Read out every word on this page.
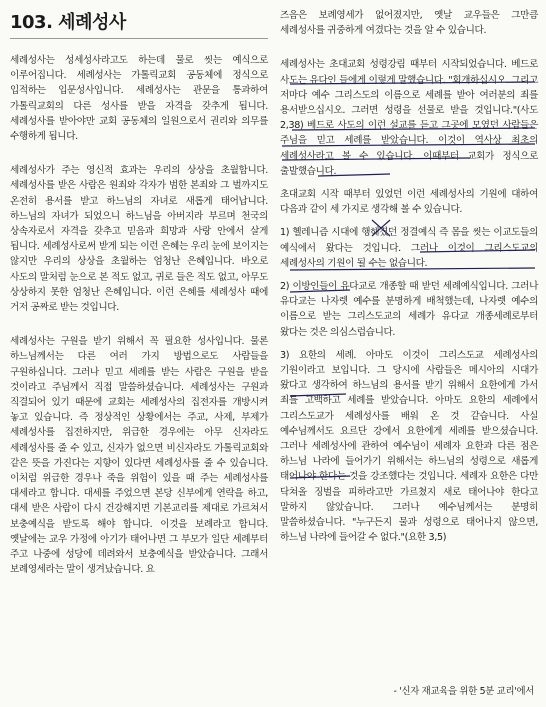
103. 세례성사

세례성사는 성세성사라고도 하는데 물로 씻는 예식으로 이루어집니다. 세례성사는 가톨릭교회 공동체에 정식으로 입적하는 입문성사입니다. 세례성사는 관문을 통과하여 가톨릭교회의 다른 성사를 받을 자격을 갖추게 됩니다. 세례성사를 받아야만 교회 공동체의 일원으로서 권리와 의무를 수행하게 됩니다.

세례성사가 주는 영신적 효과는 우리의 상상을 초월합니다. 세례성사를 받은 사람은 원죄와 각자가 범한 본죄와 그 벌까지도 온전히 용서를 받고 하느님의 자녀로 새롭게 태어납니다. 하느님의 자녀가 되었으니 하느님을 아버지라 부르며 천국의 상속자로서 자격을 갖추고 믿음과 희망과 사랑 안에서 살게 됩니다. 세례성사로써 받게 되는 이런 은혜는 우리 눈에 보이지는 않지만 우리의 상상을 초월하는 엄청난 은혜입니다. 바오로 사도의 말처럼 눈으로 본 적도 없고, 귀로 들은 적도 없고, 아무도 상상하지 못한 엄청난 은혜입니다. 이런 은혜를 세례성사 때에 거저 공짜로 받는 것입니다.

세례성사는 구원을 받기 위해서 꼭 필요한 성사입니다. 물론 하느님께서는 다른 여러 가지 방법으로도 사람들을 구원하십니다. 그러나 믿고 세례를 받는 사람은 구원을 받을 것이라고 주님께서 직접 말씀하셨습니다. 세례성사는 구원과 직결되어 있기 때문에 교회는 세례성사의 집전자를 개방시켜 놓고 있습니다. 즉 정상적인 상황에서는 주교, 사제, 부제가 세례성사를 집전하지만, 위급한 경우에는 아무 신자라도 세례성사를 줄 수 있고, 신자가 없으면 비신자라도 가톨릭교회와 같은 뜻을 가진다는 지향이 있다면 세례성사를 줄 수 있습니다. 이처럼 위급한 경우나 죽을 위험이 있을 때 주는 세례성사를 대세라고 합니다. 대세를 주었으면 본당 신부에게 연락을 하고, 대세 받은 사람이 다시 건강해지면 기본교리를 제대로 가르쳐서 보충예식을 받도록 해야 합니다. 이것을 보례라고 합니다. 옛날에는 교우 가정에 아기가 태어나면 그 부모가 일단 세례부터 주고 나중에 성당에 데려와서 보충예식을 받았습니다. 그래서 보례영세라는 말이 생겨났습니다. 요

즈음은 보례영세가 없어졌지만, 옛날 교우들은 그만큼 세례성사를 귀중하게 여겼다는 것을 알 수 있습니다.

세례성사는 초대교회 성령강림 때부터 시작되었습니다. 베드로 사도는 유다인 들에게 이렇게 말했습니다. "회개하십시오. 그리고 저마다 예수 그리스도의 이름으로 세례를 받아 여러분의 죄를 용서받으십시오. 그러면 성령을 선물로 받을 것입니다."(사도 2,38) 베드로 사도의 이런 설교를 듣고 그곳에 모였던 사람들은 주님을 믿고 세례를 받았습니다. 이것이 역사상 최초의 세례성사라고 볼 수 있습니다. 이때부터 교회가 정식으로 출발했습니다.

초대교회 시작 때부터 있었던 이런 세례성사의 기원에 대하여 다음과 같이 세 가지로 생각해 볼 수 있습니다.

1) 헬레니즘 시대에 행해졌던 정결예식 즉 몸을 씻는 이교도들의 예식에서 왔다는 것입니다. 그러나 이것이 그리스도교의 세례성사의 기원이 될 수는 없습니다.

2) 이방인들이 유다교로 개종할 때 받던 세례예식입니다. 그러나 유다교는 나자렛 예수를 분명하게 배척했는데, 나자렛 예수의 이름으로 받는 그리스도교의 세례가 유다교 개종세례로부터 왔다는 것은 의심스럽습니다.

3) 요한의 세례. 아마도 이것이 그리스도교 세례성사의 기원이라고 보입니다. 그 당시에 사람들은 메시아의 시대가 왔다고 생각하여 하느님의 용서를 받기 위해서 요한에게 가서 죄를 고백하고 세례를 받았습니다. 아마도 요한의 세례에서 그리스도교가 세례성사를 배워 온 것 같습니다. 사실 예수님께서도 요르단 강에서 요한에게 세례를 받으셨습니다. 그러나 세례성사에 관하여 예수님이 세례자 요한과 다른 점은 하느님 나라에 들어가기 위해서는 하느님의 성령으로 새롭게 태어나야 한다는 것을 강조했다는 것입니다. 세례자 요한은 다만 닥쳐올 징벌을 피하라고만 가르쳤지 새로 태어나야 한다고 말하지 않았습니다. 그러나 예수님께서는 분명히 말씀하셨습니다. "누구든지 물과 성령으로 태어나지 않으면, 하느님 나라에 들어갈 수 없다."(요한 3,5)

- '신자 재교육을 위한 5분 교리'에서
